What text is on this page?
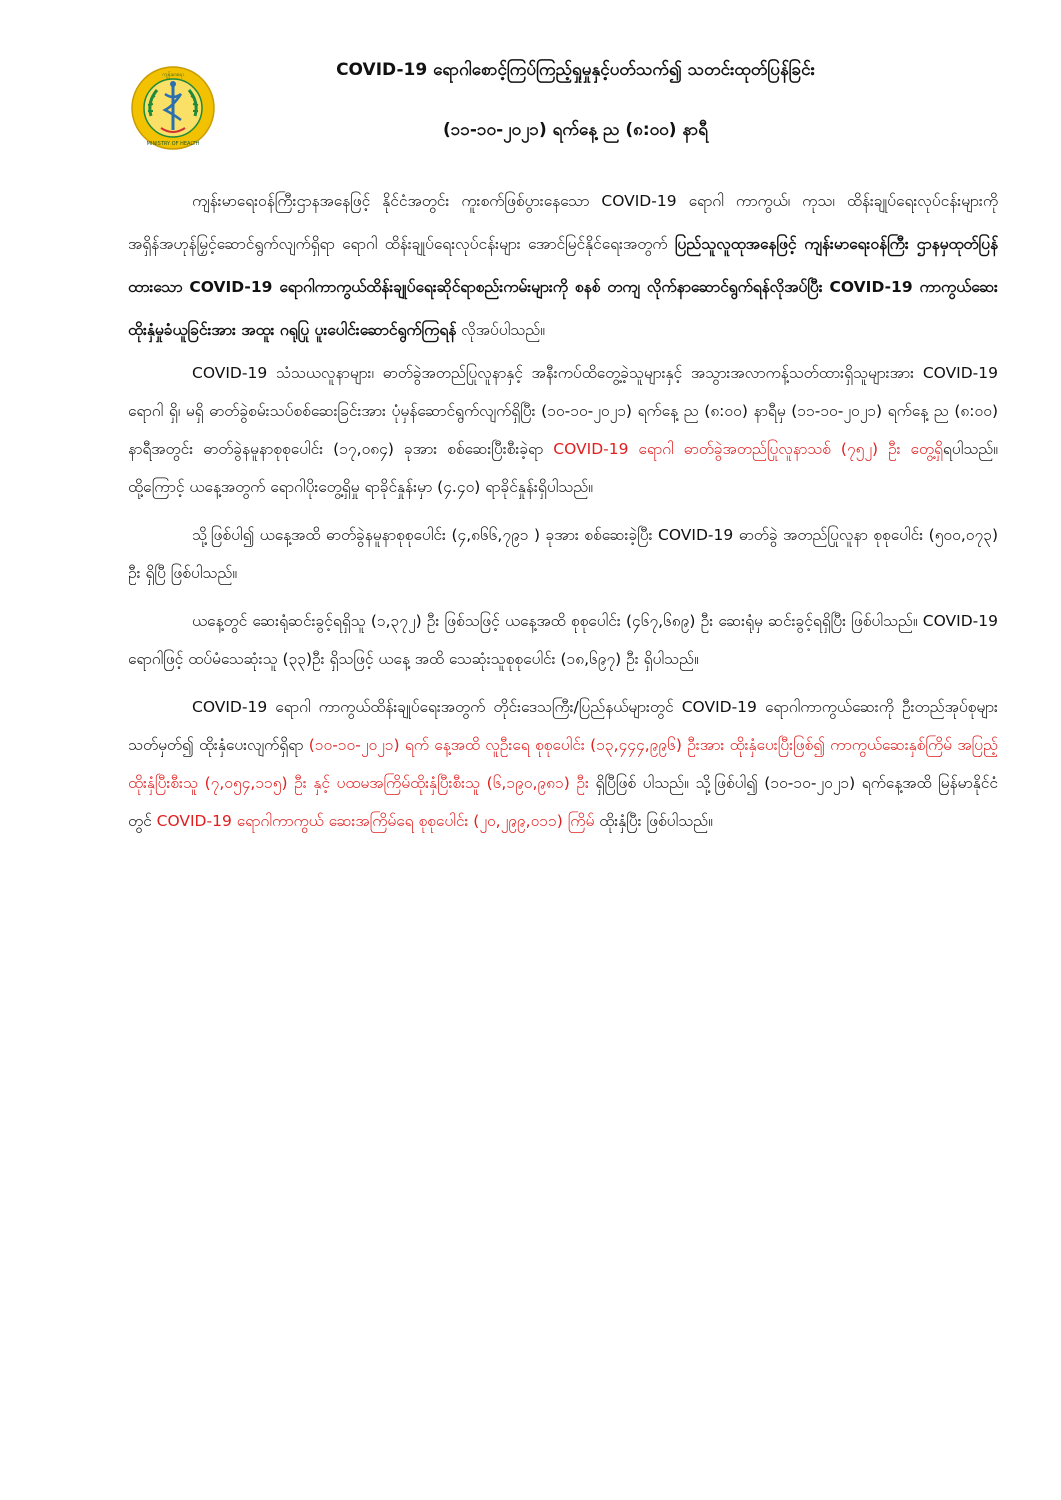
ကျန်းမာရေး
MINISTRY OF HEALTH
COVID-19 ရောဂါစောင့်ကြပ်ကြည့်ရှုမှုနှင့်ပတ်သက်၍ သတင်းထုတ်ပြန်ခြင်း
(၁၁-၁၀-၂၀၂၁) ရက်နေ့ ည (၈:၀၀) နာရီ

ကျန်းမာရေးဝန်ကြီးဌာနအနေဖြင့် နိုင်ငံအတွင်း ကူးစက်ဖြစ်ပွားနေသော COVID-19 ရောဂါ ကာကွယ်၊ ကုသ၊ ထိန်းချုပ်ရေးလုပ်ငန်းများကို အရှိန်အဟုန်မြှင့်ဆောင်ရွက်လျက်ရှိရာ ရောဂါ ထိန်းချုပ်ရေးလုပ်ငန်းများ အောင်မြင်နိုင်ရေးအတွက် ပြည်သူလူထုအနေဖြင့် ကျန်းမာရေးဝန်ကြီး ဌာနမှထုတ်ပြန်ထားသော COVID-19 ရောဂါကာကွယ်ထိန်းချုပ်ရေးဆိုင်ရာစည်းကမ်းများကို စနစ် တကျ လိုက်နာဆောင်ရွက်ရန်လိုအပ်ပြီး COVID-19 ကာကွယ်ဆေးထိုးနှံမှုခံယူခြင်းအား အထူး ဂရုပြု ပူးပေါင်းဆောင်ရွက်ကြရန် လိုအပ်ပါသည်။

COVID-19 သံသယလူနာများ၊ ဓာတ်ခွဲအတည်ပြုလူနာနှင့် အနီးကပ်ထိတွေ့ခဲ့သူများနှင့် အသွားအလာကန့်သတ်ထားရှိသူများအား COVID-19 ရောဂါ ရှိ၊ မရှိ ဓာတ်ခွဲစမ်းသပ်စစ်ဆေးခြင်းအား ပုံမှန်ဆောင်ရွက်လျက်ရှိပြီး (၁၀-၁၀-၂၀၂၁) ရက်နေ့ ည (၈:၀၀) နာရီမှ (၁၁-၁၀-၂၀၂၁) ရက်နေ့ ည (၈:၀၀) နာရီအတွင်း ဓာတ်ခွဲနမူနာစုစုပေါင်း (၁၇,၀၈၄) ခုအား စစ်ဆေးပြီးစီးခဲ့ရာ COVID-19 ရောဂါ ဓာတ်ခွဲအတည်ပြုလူနာသစ် (၇၅၂) ဦး တွေ့ရှိရပါသည်။ ထို့ကြောင့် ယနေ့အတွက် ရောဂါပိုးတွေ့ရှိမှု ရာခိုင်နှုန်းမှာ (၄.၄၀) ရာခိုင်နှုန်းရှိပါသည်။

သို့ဖြစ်ပါ၍ ယနေ့အထိ ဓာတ်ခွဲနမူနာစုစုပေါင်း (၄,၈၆၆,၇၉၁ ) ခုအား စစ်ဆေးခဲ့ပြီး COVID-19 ဓာတ်ခွဲ အတည်ပြုလူနာ စုစုပေါင်း (၅၀၀,၀၇၃) ဦး ရှိပြီ ဖြစ်ပါသည်။

ယနေ့တွင် ဆေးရုံဆင်းခွင့်ရရှိသူ (၁,၃၇၂) ဦး ဖြစ်သဖြင့် ယနေ့အထိ စုစုပေါင်း (၄၆၇,၆၈၉) ဦး ဆေးရုံမှ ဆင်းခွင့်ရရှိပြီး ဖြစ်ပါသည်။ COVID-19 ရောဂါဖြင့် ထပ်မံသေဆုံးသူ (၃၃)ဦး ရှိသဖြင့် ယနေ့ အထိ သေဆုံးသူစုစုပေါင်း (၁၈,၆၉၇) ဦး ရှိပါသည်။

COVID-19 ရောဂါ ကာကွယ်ထိန်းချုပ်ရေးအတွက် တိုင်းဒေသကြီး/ပြည်နယ်များတွင် COVID-19 ရောဂါကာကွယ်ဆေးကို ဦးတည်အုပ်စုများသတ်မှတ်၍ ထိုးနှံပေးလျက်ရှိရာ (၁၀-၁၀-၂၀၂၁) ရက် နေ့အထိ လူဦးရေ စုစုပေါင်း (၁၃,၄၄၄,၉၉၆) ဦးအား ထိုးနှံပေးပြီးဖြစ်၍ ကာကွယ်ဆေးနှစ်ကြိမ် အပြည့် ထိုးနှံပြီးစီးသူ (၇,၀၅၄,၁၁၅) ဦး နှင့် ပထမအကြိမ်ထိုးနှံပြီးစီးသူ (၆,၁၉၀,၉၈၁) ဦး ရှိပြီဖြစ် ပါသည်။ သို့ဖြစ်ပါ၍ (၁၀-၁၀-၂၀၂၁) ရက်နေ့အထိ မြန်မာနိုင်ငံတွင် COVID-19 ရောဂါကာကွယ် ဆေးအကြိမ်ရေ စုစုပေါင်း (၂၀,၂၉၉,၀၁၁) ကြိမ် ထိုးနှံပြီး ဖြစ်ပါသည်။
